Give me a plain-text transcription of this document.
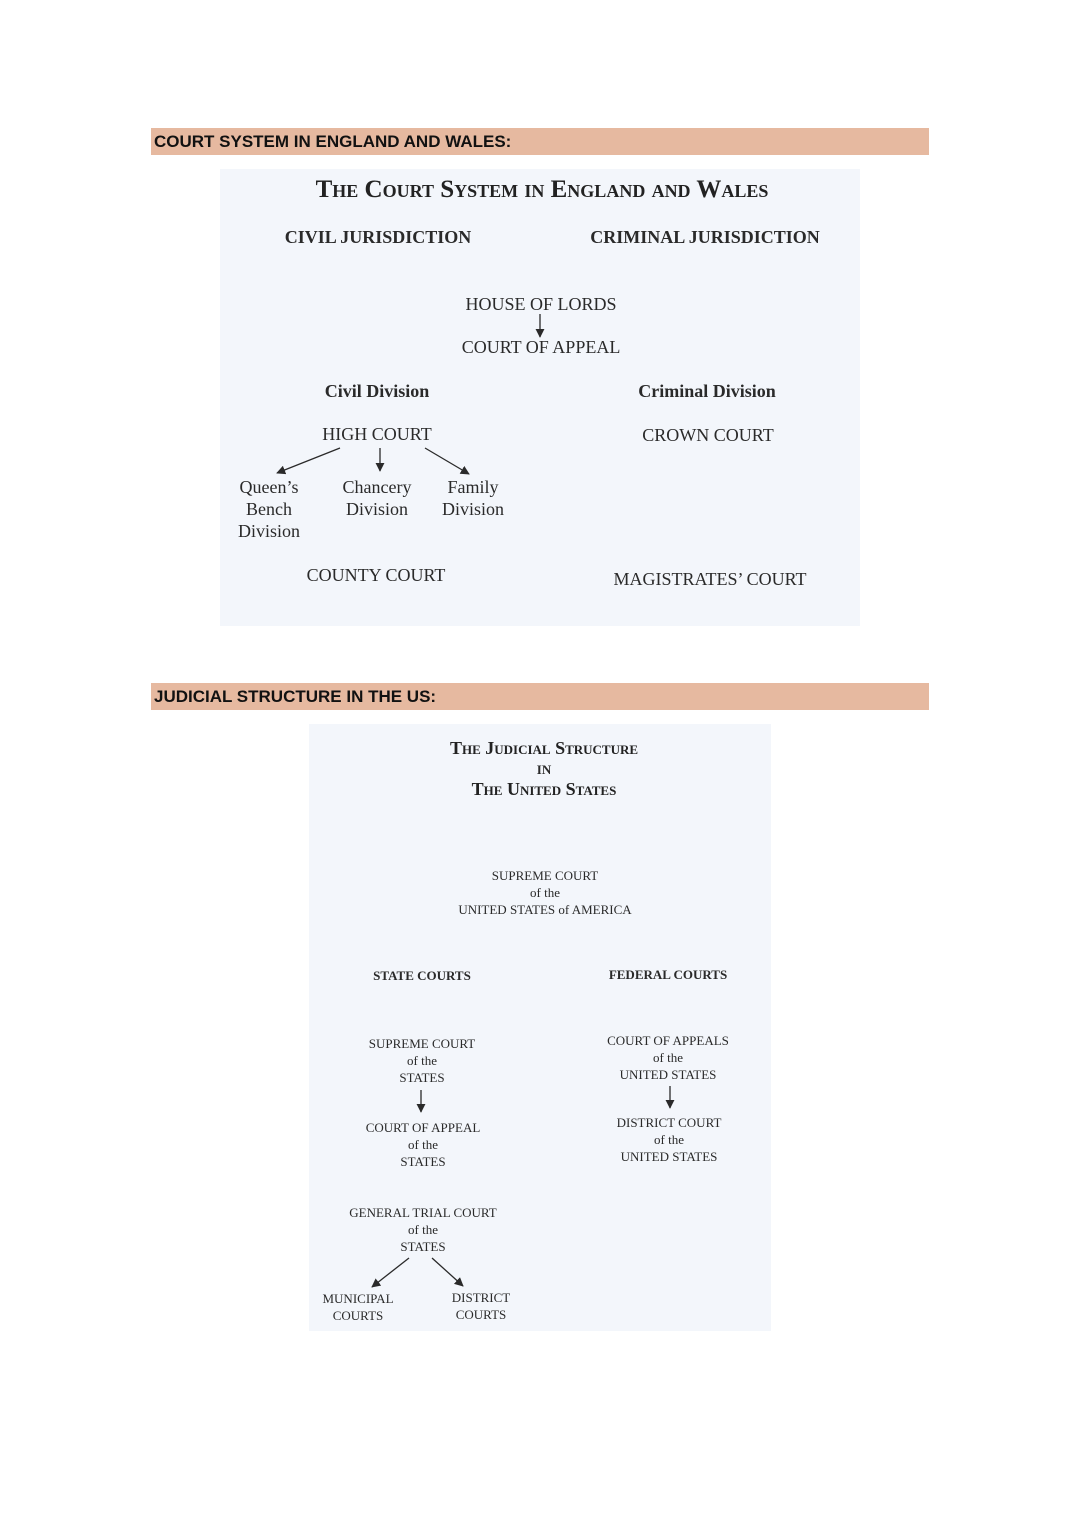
COURT SYSTEM IN ENGLAND AND WALES:
The Court System in England and Wales
CIVIL JURISDICTION	CRIMINAL JURISDICTION
HOUSE OF LORDS
COURT OF APPEAL
Civil Division	Criminal Division
HIGH COURT	CROWN COURT
Queen’s
Bench
Division
Chancery
Division
Family
Division
COUNTY COURT	MAGISTRATES’ COURT
JUDICIAL STRUCTURE IN THE US:
The Judicial Structure
IN
The United States
SUPREME COURT
of the
UNITED STATES of AMERICA
STATE COURTS	FEDERAL COURTS
SUPREME COURT
of the
STATES
COURT OF APPEAL
of the
STATES
GENERAL TRIAL COURT
of the
STATES
MUNICIPAL
COURTS
DISTRICT
COURTS
COURT OF APPEALS
of the
UNITED STATES
DISTRICT COURT
of the
UNITED STATES
